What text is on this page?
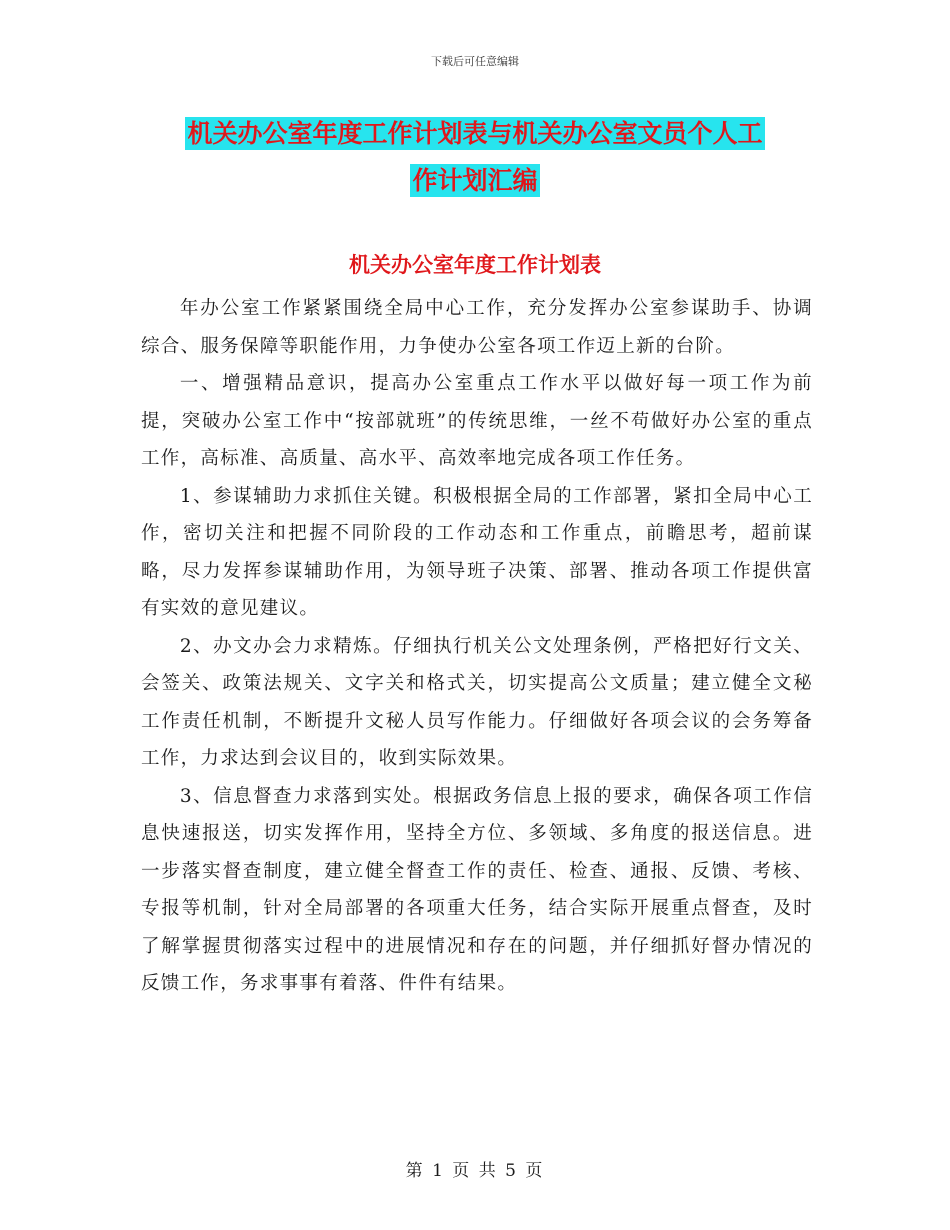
下载后可任意编辑
机关办公室年度工作计划表与机关办公室文员个人工
作计划汇编
机关办公室年度工作计划表

年办公室工作紧紧围绕全局中心工作，充分发挥办公室参谋助手、协调综合、服务保障等职能作用，力争使办公室各项工作迈上新的台阶。

一、增强精品意识，提高办公室重点工作水平以做好每一项工作为前提，突破办公室工作中“按部就班”的传统思维，一丝不苟做好办公室的重点工作，高标准、高质量、高水平、高效率地完成各项工作任务。

1、参谋辅助力求抓住关键。积极根据全局的工作部署，紧扣全局中心工作，密切关注和把握不同阶段的工作动态和工作重点，前瞻思考，超前谋略，尽力发挥参谋辅助作用，为领导班子决策、部署、推动各项工作提供富有实效的意见建议。

2、办文办会力求精炼。仔细执行机关公文处理条例，严格把好行文关、会签关、政策法规关、文字关和格式关，切实提高公文质量；建立健全文秘工作责任机制，不断提升文秘人员写作能力。仔细做好各项会议的会务筹备工作，力求达到会议目的，收到实际效果。

3、信息督查力求落到实处。根据政务信息上报的要求，确保各项工作信息快速报送，切实发挥作用，坚持全方位、多领域、多角度的报送信息。进一步落实督查制度，建立健全督查工作的责任、检查、通报、反馈、考核、专报等机制，针对全局部署的各项重大任务，结合实际开展重点督查，及时了解掌握贯彻落实过程中的进展情况和存在的问题，并仔细抓好督办情况的反馈工作，务求事事有着落、件件有结果。

第 1 页 共 5 页
